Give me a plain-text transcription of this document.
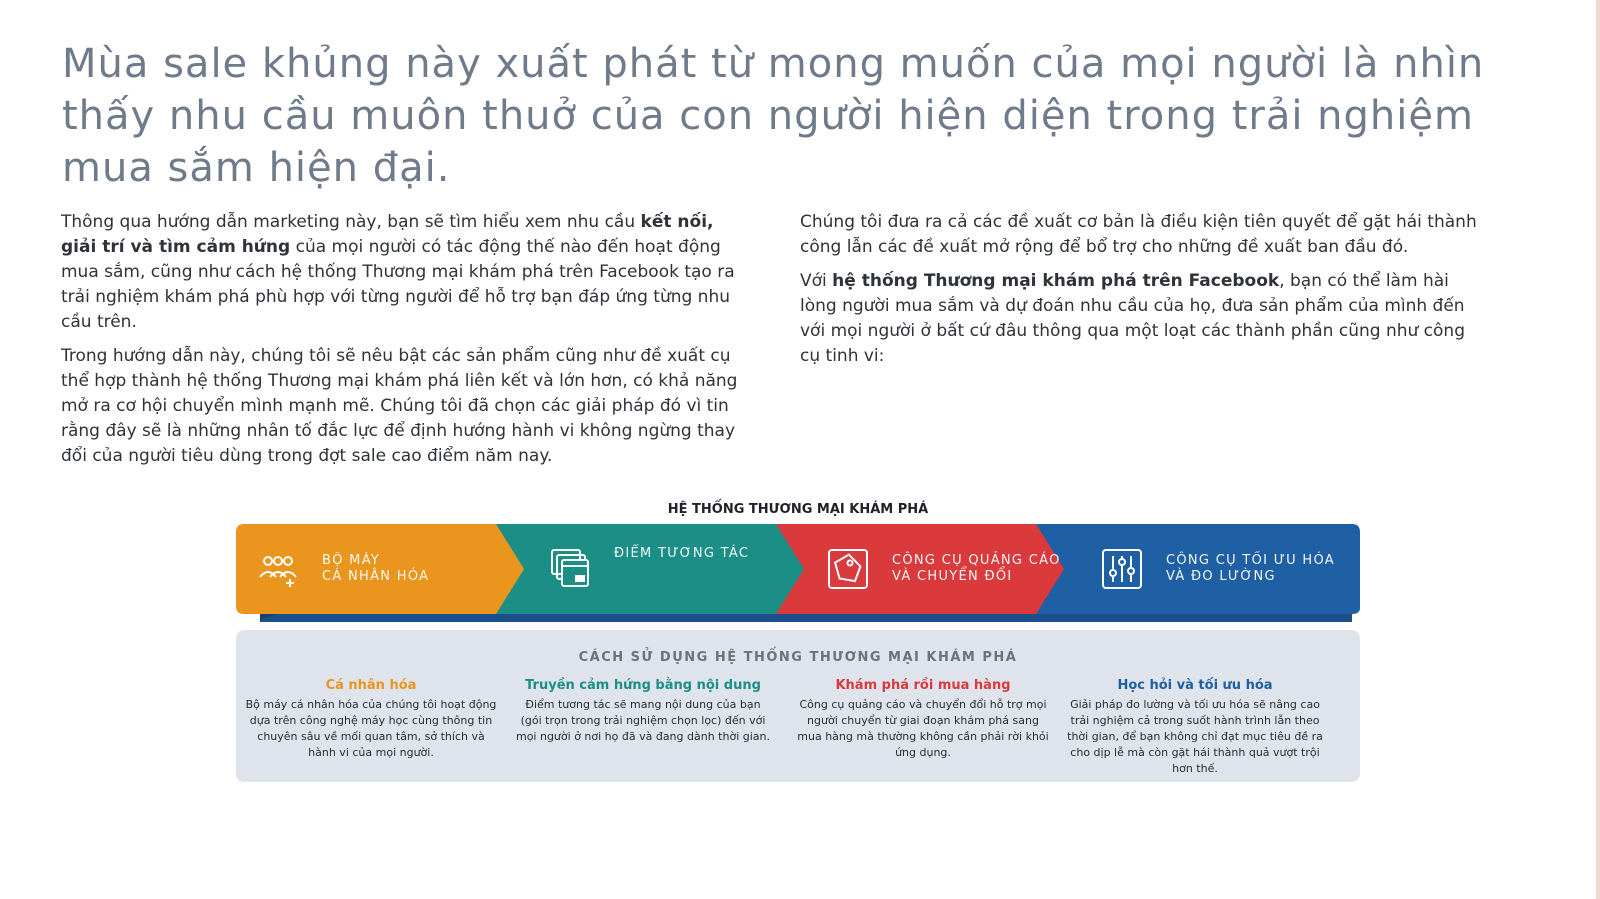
Mùa sale khủng này xuất phát từ mong muốn của mọi người là nhìn thấy nhu cầu muôn thuở của con người hiện diện trong trải nghiệm mua sắm hiện đại.

Thông qua hướng dẫn marketing này, bạn sẽ tìm hiểu xem nhu cầu kết nối, giải trí và tìm cảm hứng của mọi người có tác động thế nào đến hoạt động mua sắm, cũng như cách hệ thống Thương mại khám phá trên Facebook tạo ra trải nghiệm khám phá phù hợp với từng người để hỗ trợ bạn đáp ứng từng nhu cầu trên.

Trong hướng dẫn này, chúng tôi sẽ nêu bật các sản phẩm cũng như đề xuất cụ thể hợp thành hệ thống Thương mại khám phá liên kết và lớn hơn, có khả năng mở ra cơ hội chuyển mình mạnh mẽ. Chúng tôi đã chọn các giải pháp đó vì tin rằng đây sẽ là những nhân tố đắc lực để định hướng hành vi không ngừng thay đổi của người tiêu dùng trong đợt sale cao điểm năm nay.

Chúng tôi đưa ra cả các đề xuất cơ bản là điều kiện tiên quyết để gặt hái thành công lẫn các đề xuất mở rộng để bổ trợ cho những đề xuất ban đầu đó.

Với hệ thống Thương mại khám phá trên Facebook, bạn có thể làm hài lòng người mua sắm và dự đoán nhu cầu của họ, đưa sản phẩm của mình đến với mọi người ở bất cứ đâu thông qua một loạt các thành phần cũng như công cụ tinh vi:

HỆ THỐNG THƯƠNG MẠI KHÁM PHÁ
BỘ MÁY
CÁ NHÂN HÓA
ĐIỂM TƯƠNG TÁC	CÔNG CỤ QUẢNG CÁO
VÀ CHUYỂN ĐỔI
CÔNG CỤ TỐI ƯU HÓA
VÀ ĐO LƯỜNG
CÁCH SỬ DỤNG HỆ THỐNG THƯƠNG MẠI KHÁM PHÁ
Cá nhân hóa
Bộ máy cá nhân hóa của chúng tôi hoạt động dựa trên công nghệ máy học cùng thông tin chuyên sâu về mối quan tâm, sở thích và hành vi của mọi người.
Truyền cảm hứng bằng nội dung
Điểm tương tác sẽ mang nội dung của bạn (gói trọn trong trải nghiệm chọn lọc) đến với mọi người ở nơi họ đã và đang dành thời gian.
Khám phá rồi mua hàng
Công cụ quảng cáo và chuyển đổi hỗ trợ mọi người chuyển từ giai đoạn khám phá sang mua hàng mà thường không cần phải rời khỏi ứng dụng.
Học hỏi và tối ưu hóa
Giải pháp đo lường và tối ưu hóa sẽ nâng cao trải nghiệm cả trong suốt hành trình lẫn theo thời gian, để bạn không chỉ đạt mục tiêu đề ra cho dịp lễ mà còn gặt hái thành quả vượt trội hơn thế.
